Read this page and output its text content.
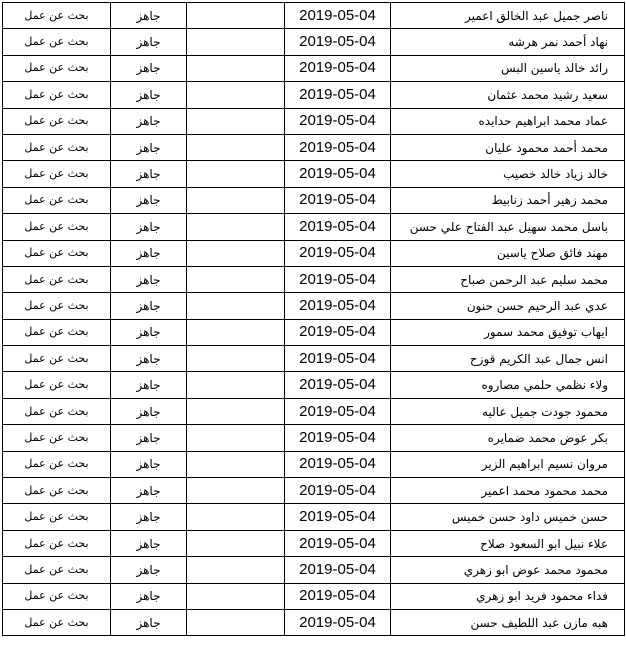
بحث عن عمل	جاهز		2019-05-04	ناصر جميل عبد الخالق اعمير
بحث عن عمل	جاهز		2019-05-04	نهاد أحمد نمر هرشه
بحث عن عمل	جاهز		2019-05-04	رائد خالد ياسين البس
بحث عن عمل	جاهز		2019-05-04	سعيد رشيد محمد عثمان
بحث عن عمل	جاهز		2019-05-04	عماد محمد ابراهيم حدايده
بحث عن عمل	جاهز		2019-05-04	محمد أحمد محمود عليان
بحث عن عمل	جاهز		2019-05-04	خالد زياد خالد خصيب
بحث عن عمل	جاهز		2019-05-04	محمد زهير أحمد زنابيط
بحث عن عمل	جاهز		2019-05-04	باسل محمد سهيل عبد الفتاح علي حسن
بحث عن عمل	جاهز		2019-05-04	مهند فائق صلاح ياسين
بحث عن عمل	جاهز		2019-05-04	محمد سليم عبد الرحمن صباح
بحث عن عمل	جاهز		2019-05-04	عدي عبد الرحيم حسن حنون
بحث عن عمل	جاهز		2019-05-04	ايهاب توفيق محمد سمور
بحث عن عمل	جاهز		2019-05-04	انس جمال عبد الكريم قوزح
بحث عن عمل	جاهز		2019-05-04	ولاء نظمي حلمي مصاروه
بحث عن عمل	جاهز		2019-05-04	محمود جودت جميل عاليه
بحث عن عمل	جاهز		2019-05-04	بكر عوض محمد ضمايره
بحث عن عمل	جاهز		2019-05-04	مروان نسيم ابراهيم الزير
بحث عن عمل	جاهز		2019-05-04	محمد محمود محمد اعمير
بحث عن عمل	جاهز		2019-05-04	حسن خميس داود حسن خميس
بحث عن عمل	جاهز		2019-05-04	علاء نبيل ابو السعود صلاح
بحث عن عمل	جاهز		2019-05-04	محمود محمد عوض ابو زهري
بحث عن عمل	جاهز		2019-05-04	فداء محمود فريد ابو زهري
بحث عن عمل	جاهز		2019-05-04	هبه مازن عبد اللطيف حسن
